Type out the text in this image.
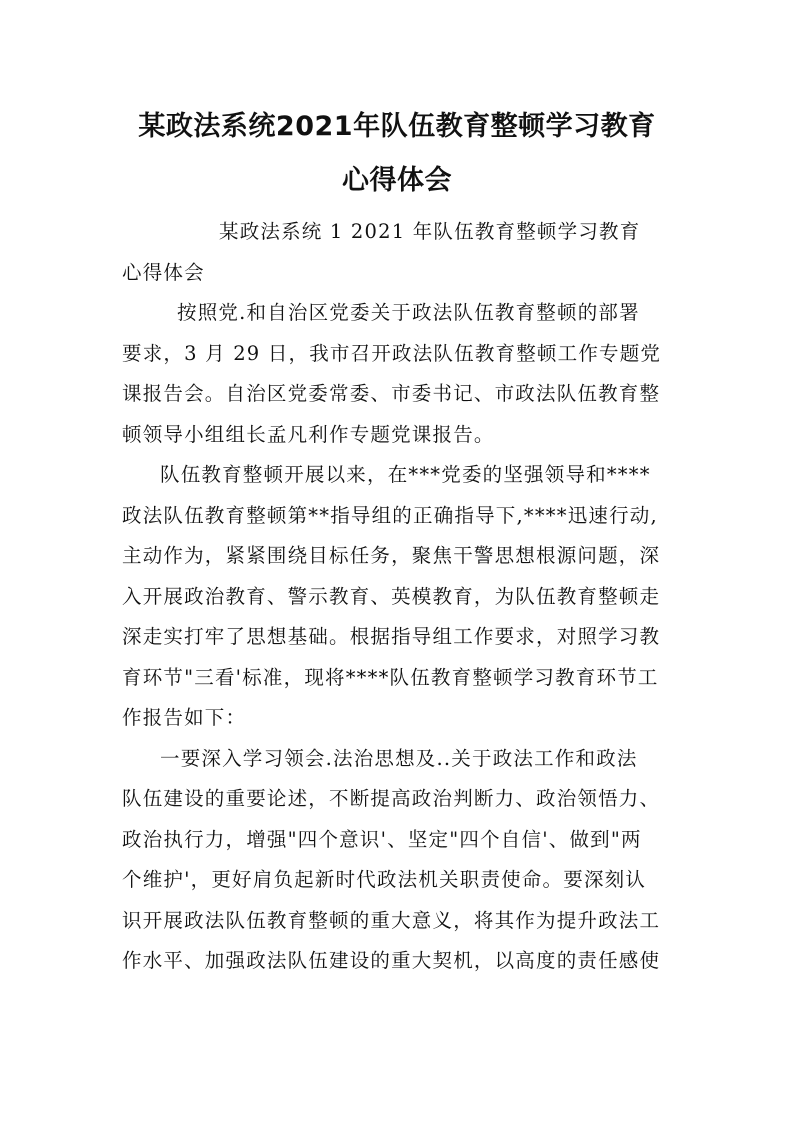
某政法系统2021年队伍教育整顿学习教育
心得体会
某政法系统 1 2021 年队伍教育整顿学习教育
心得体会
按照党.和自治区党委关于政法队伍教育整顿的部署
要求，3 月 29 日，我市召开政法队伍教育整顿工作专题党
课报告会。自治区党委常委、市委书记、市政法队伍教育整
顿领导小组组长孟凡利作专题党课报告。
队伍教育整顿开展以来，在***党委的坚强领导和****
政法队伍教育整顿第**指导组的正确指导下,****迅速行动,
主动作为，紧紧围绕目标任务，聚焦干警思想根源问题，深
入开展政治教育、警示教育、英模教育，为队伍教育整顿走
深走实打牢了思想基础。根据指导组工作要求，对照学习教
育环节"三看'标准，现将****队伍教育整顿学习教育环节工
作报告如下：
一要深入学习领会.法治思想及..关于政法工作和政法
队伍建设的重要论述，不断提高政治判断力、政治领悟力、
政治执行力，增强"四个意识'、坚定"四个自信'、做到"两
个维护'，更好肩负起新时代政法机关职责使命。要深刻认
识开展政法队伍教育整顿的重大意义，将其作为提升政法工
作水平、加强政法队伍建设的重大契机，以高度的责任感使
